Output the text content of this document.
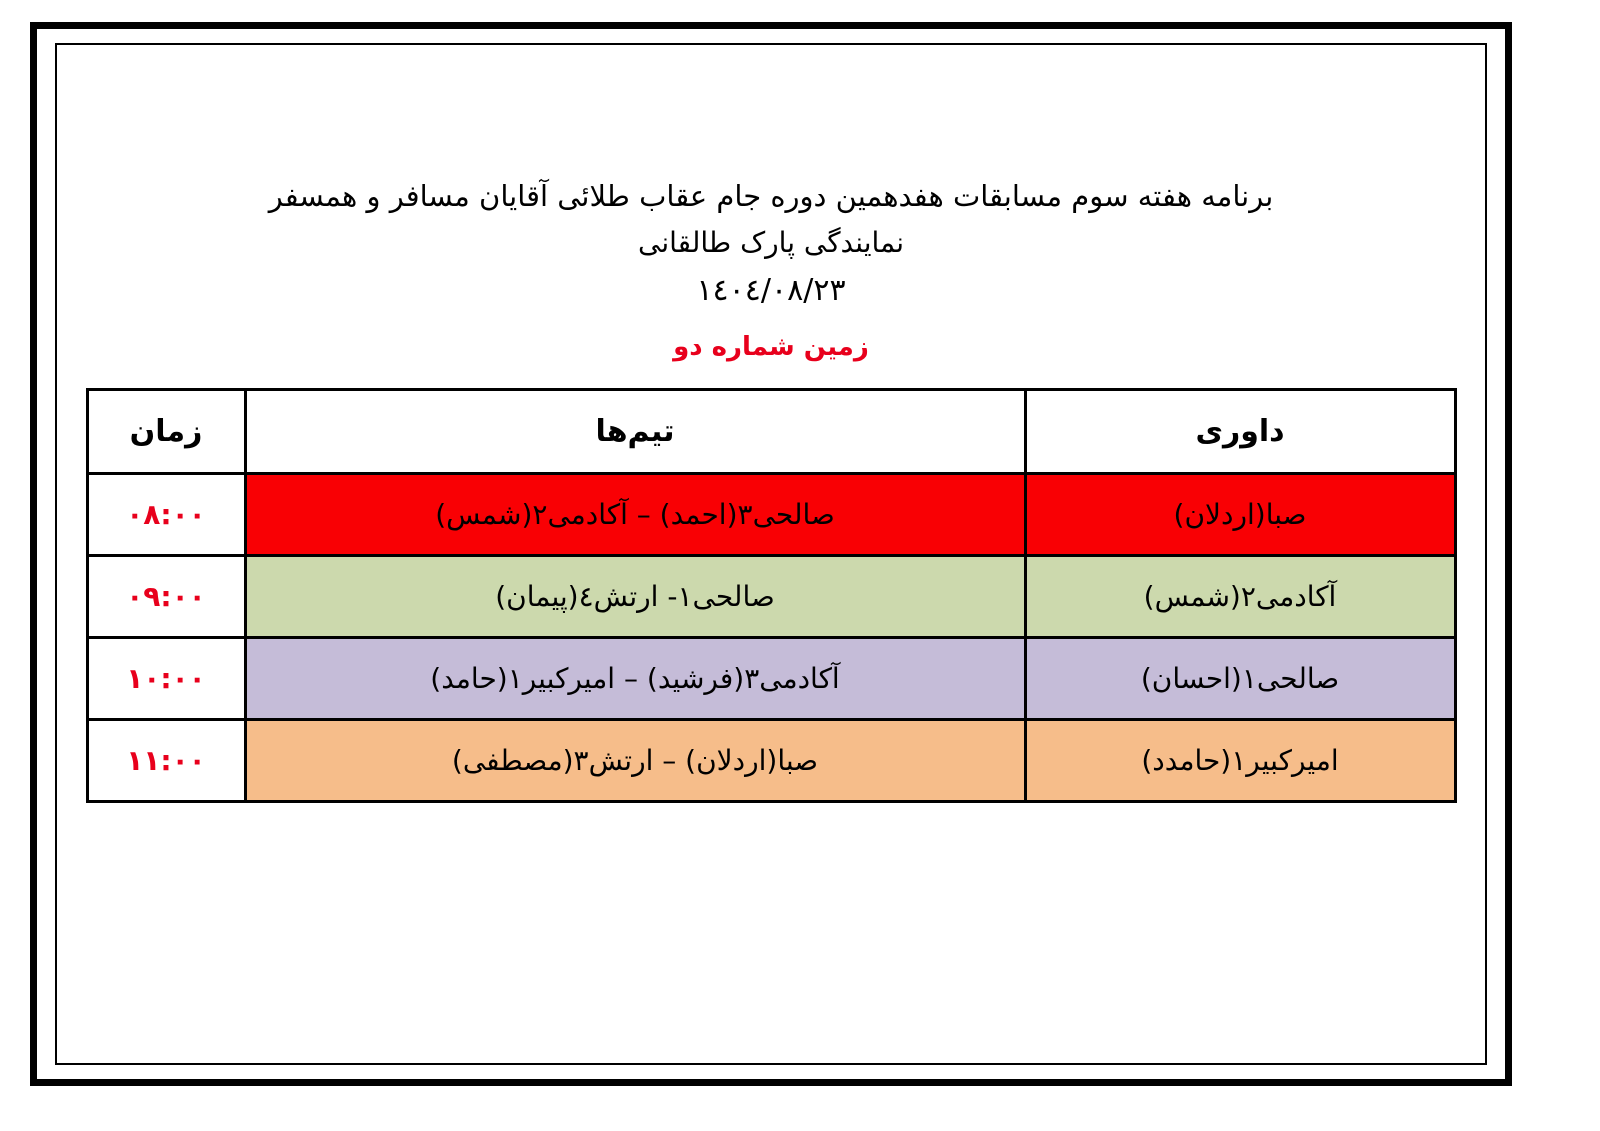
برنامه هفته سوم مسابقات هفدهمین دوره جام عقاب طلائی آقایان مسافر و همسفر
نمایندگی پارک طالقانی
١٤٠٤/٠٨/٢٣
زمین شماره دو
داوری	تیم‌ها	زمان
صبا(اردلان)	صالحی٣(احمد) – آکادمی٢(شمس)	٠٨:٠٠
آکادمی٢(شمس)	صالحی١- ارتش٤(پیمان)	٠٩:٠٠
صالحی١(احسان)	آکادمی٣(فرشید) – امیرکبیر١(حامد)	١٠:٠٠
امیرکبیر١(حامدد)	صبا(اردلان) – ارتش٣(مصطفی)	١١:٠٠
